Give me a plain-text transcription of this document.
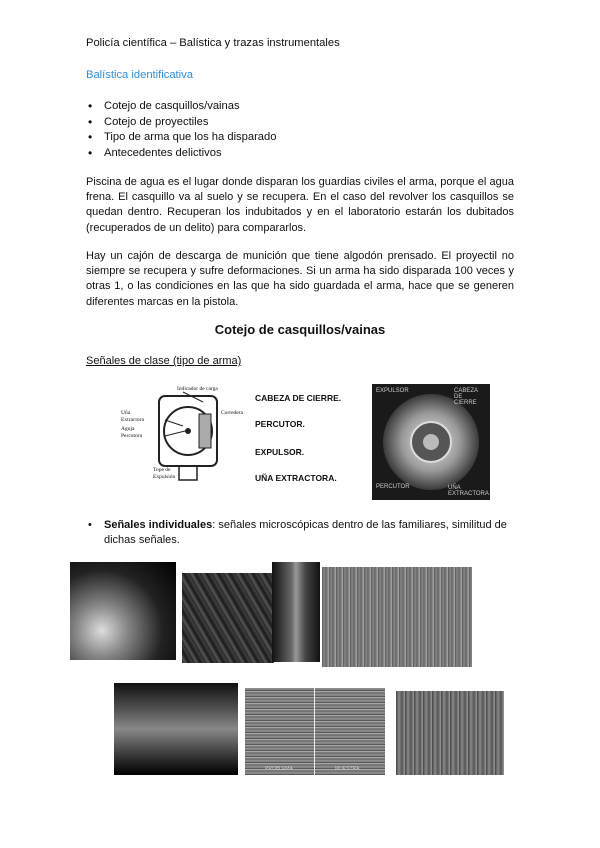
Policía científica – Balística y trazas instrumentales
Balística identificativa
• Cotejo de casquillos/vainas
• Cotejo de proyectiles
• Tipo de arma que los ha disparado
• Antecedentes delictivos
Piscina de agua es el lugar donde disparan los guardias civiles el arma, porque el agua frena. El casquillo va al suelo y se recupera. En el caso del revolver los casquillos se quedan dentro. Recuperan los indubitados y en el laboratorio estarán los dubitados (recuperados de un delito) para compararlos.
Hay un cajón de descarga de munición que tiene algodón prensado. El proyectil no siempre se recupera y sufre deformaciones. Si un arma ha sido disparada 100 veces y otras 1, o las condiciones en las que ha sido guardada el arma, hace que se generen diferentes marcas en la pistola.
Cotejo de casquillos/vainas
Señales de clase (tipo de arma)
Indicador de carga
Corredera
Uña
Extractora
Aguja
Percutora
Tope de
Expulsión
CABEZA DE CIERRE.
PERCUTOR.
EXPULSOR.
UÑA EXTRACTORA.
EXPULSOR	CABEZA DE CIERRE
PERCUTOR	UÑA EXTRACTORA
• Señales individuales: señales microscópicas dentro de las familiares, similitud de dichas señales.
PROBLEMA	MUESTRA
